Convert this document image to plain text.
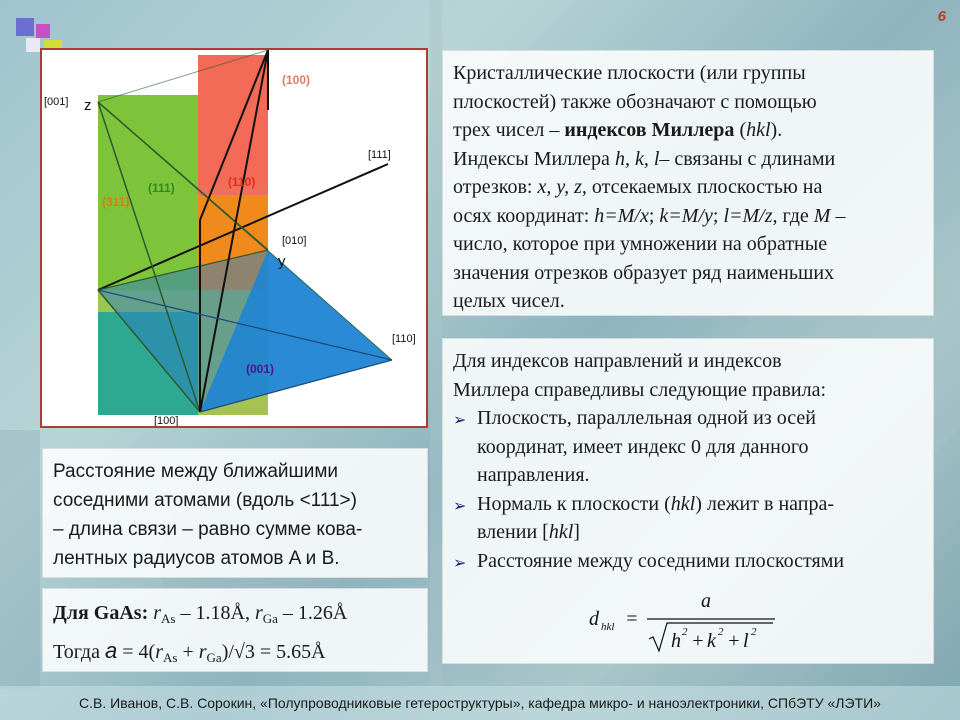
6
[001] z
[111]
[010]
y
[110]
[100]
(100)
(111)	(110)
(311)
(001)
Кристаллические плоскости (или группы
плоскостей) также обозначают с помощью
трех чисел – индексов Миллера (hkl).
Индексы Миллера h, k, l– связаны с длинами
отрезков: x, y, z, отсекаемых плоскостью на
осях координат: h=M/x; k=M/y; l=M/z, где M –
число, которое при умножении на обратные
значения отрезков образует ряд наименьших
целых чисел.
Для индексов направлений и индексов
Миллера справедливы следующие правила:
➢ Плоскость, параллельная одной из осей
координат, имеет индекс 0 для данного
направления.
➢ Нормаль к плоскости (hkl) лежит в напра-
влении [hkl]
➢ Расстояние между соседними плоскостями
d hkl =
a
h 2 + k 2 + l 2
Расстояние между ближайшими
соседними атомами (вдоль <111>)
– длина связи – равно сумме кова-
лентных радиусов атомов A и B.
Для GaAs: $r_{As}$ – 1.18Å, $r_{Ga}$ – 1.26Å
Тогда $a = 4(r_{As} + r_{Ga})/√3$ = 5.65Å
С.В. Иванов, С.В. Сорокин, «Полупроводниковые гетероструктуры», кафедра микро- и наноэлектроники, СПбЭТУ «ЛЭТИ»
